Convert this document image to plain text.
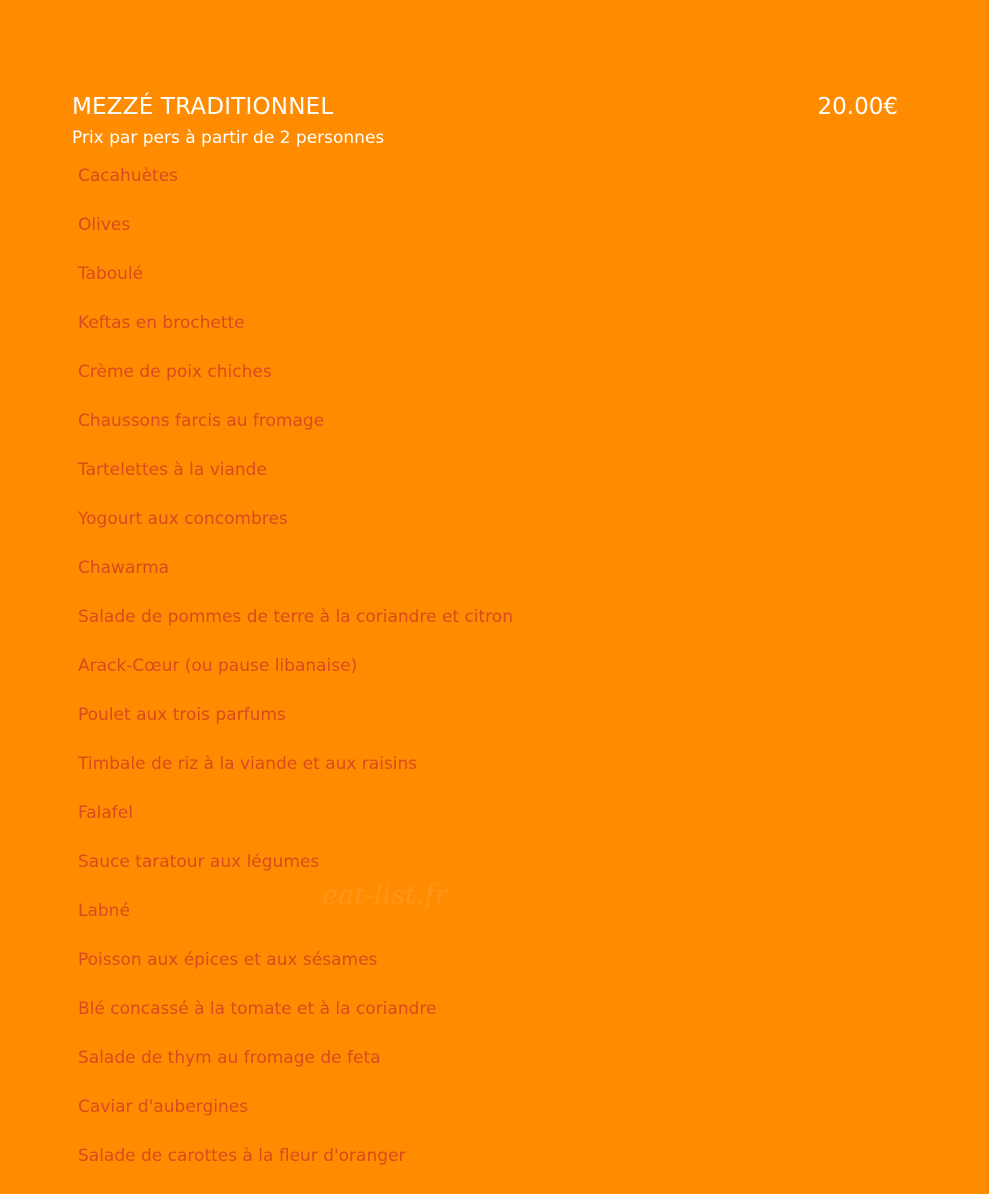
MEZZÉ TRADITIONNEL	20.00€
Prix par pers à partir de 2 personnes
Cacahuètes
Olives
Taboulé
Keftas en brochette
Crème de poix chiches
Chaussons farcis au fromage
Tartelettes à la viande
Yogourt aux concombres
Chawarma
Salade de pommes de terre à la coriandre et citron
Arack-Cœur (ou pause libanaise)
Poulet aux trois parfums
Timbale de riz à la viande et aux raisins
Falafel
Sauce taratour aux légumes
Labné
Poisson aux épices et aux sésames
Blé concassé à la tomate et à la coriandre
Salade de thym au fromage de feta
Caviar d'aubergines
Salade de carottes à la fleur d'oranger
eat-list.fr
